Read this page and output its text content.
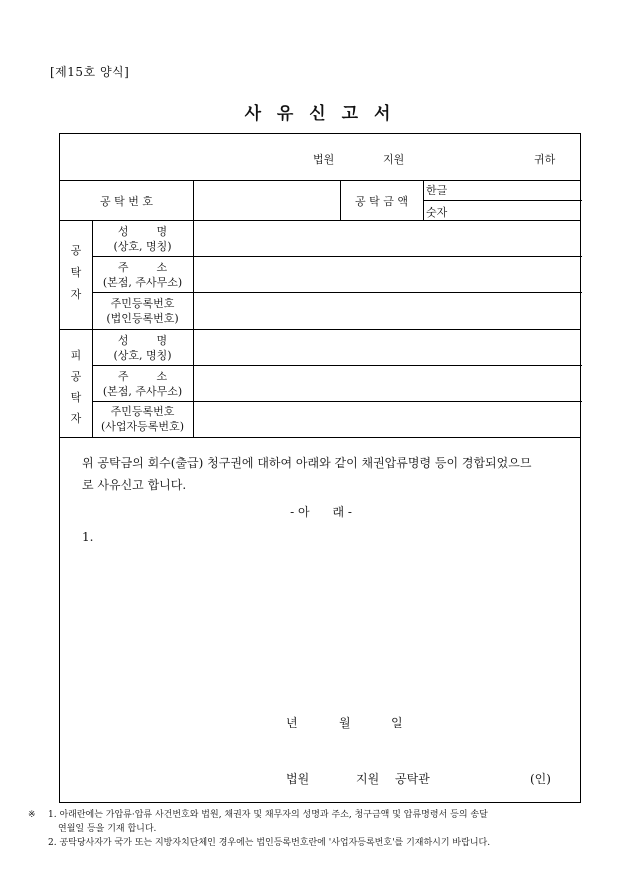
[제15호 양식]
사 유 신 고 서
법원	지원	귀하
공 탁 번 호	공 탁 금 액
한글
숫자
공
탁
자
성        명
(상호, 명칭)
주        소
(본점, 주사무소)
주민등록번호
(법인등록번호)
피
공
탁
자
성        명
(상호, 명칭)
주        소
(본점, 주사무소)
주민등록번호
(사업자등록번호)
위 공탁금의 회수(출급) 청구권에 대하여 아래와 같이 채권압류명령 등이 경합되었으므
로 사유신고 합니다.
- 아      래 -
1.
년	월	일
법원	지원 공탁관	(인)
※ 1. 아래란에는 가압류·압류 사건번호와 법원, 채권자 및 채무자의 성명과 주소, 청구금액 및 압류명령서 등의 송달
연월일 등을 기재 합니다.
2. 공탁당사자가 국가 또는 지방자치단체인 경우에는 법인등록번호란에 '사업자등록번호'를 기재하시기 바랍니다.
